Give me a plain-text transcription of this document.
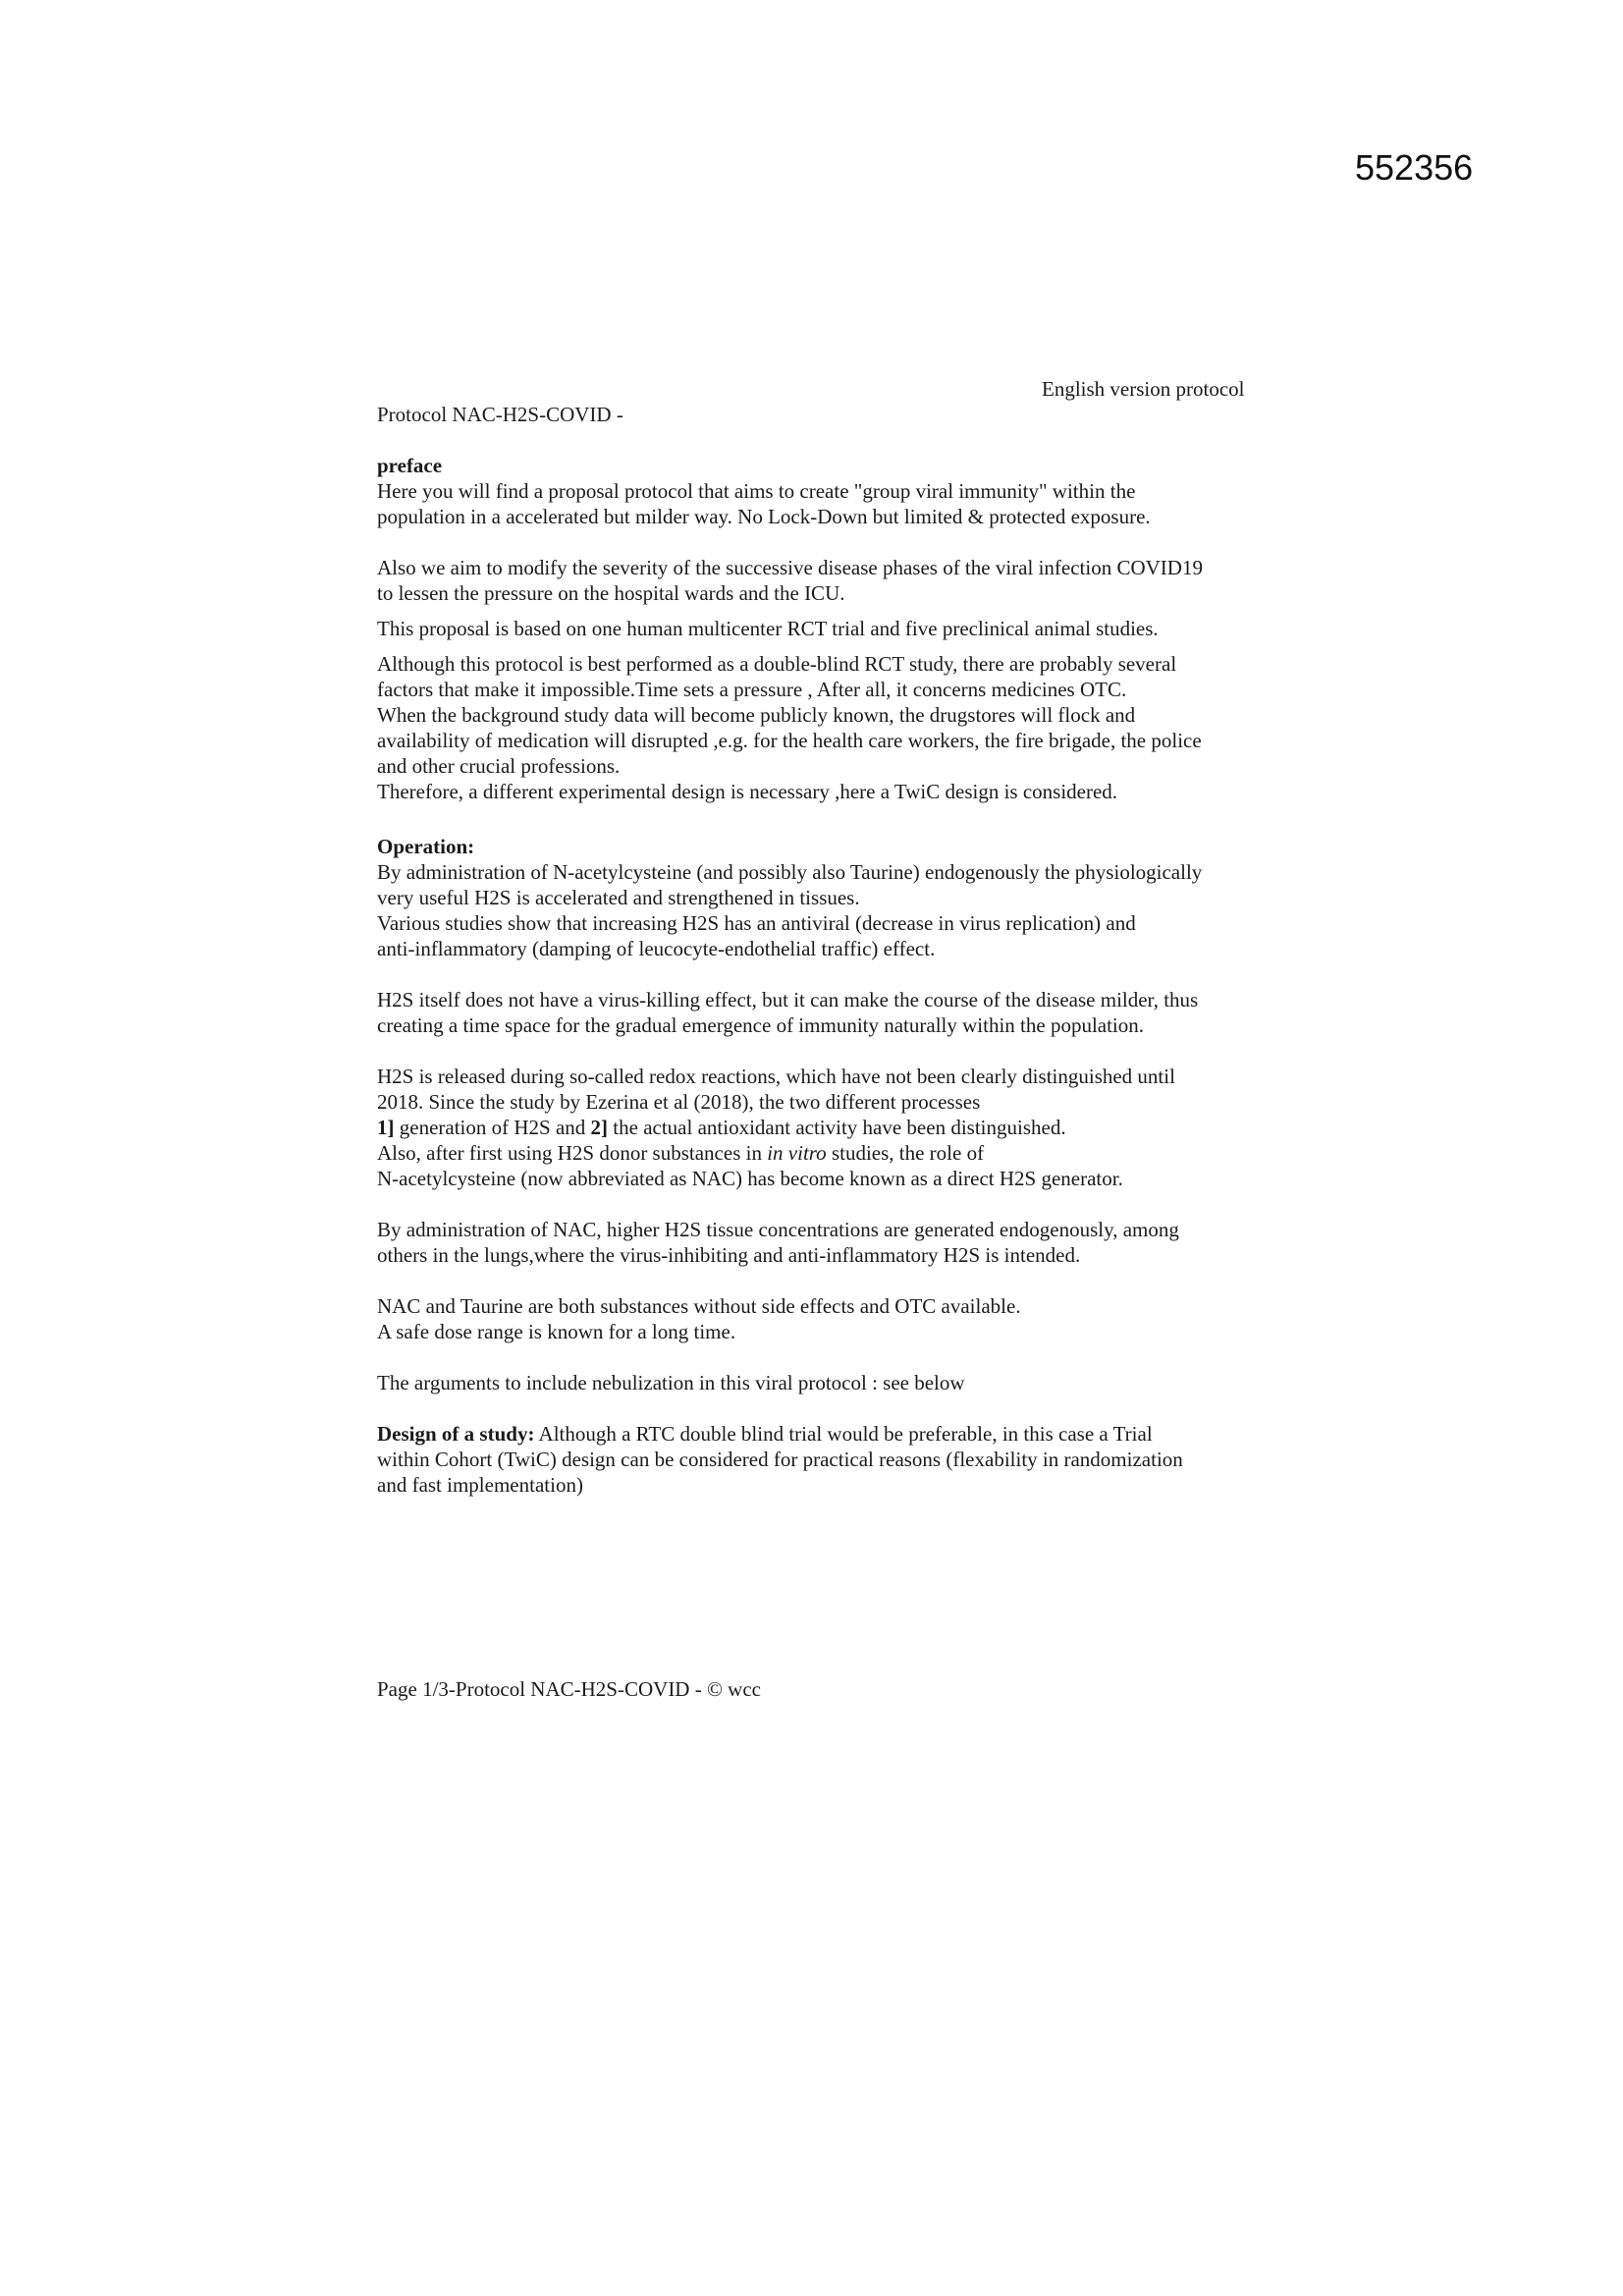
552356
English version protocol

Protocol NAC-H2S-COVID -

preface

Here you will find a proposal protocol that aims to create "group viral immunity" within the

population in a accelerated but milder way. No Lock-Down but limited & protected exposure.

Also we aim to modify the severity of the successive disease phases of the viral infection COVID19

to lessen the pressure on the hospital wards and the ICU.

This proposal is based on one human multicenter RCT trial and five preclinical animal studies.

Although this protocol is best performed as a double-blind RCT study, there are probably several

factors that make it impossible.Time sets a pressure , After all, it concerns medicines OTC.

When the background study data will become publicly known, the drugstores will flock and

availability of medication will disrupted ,e.g. for the health care workers, the fire brigade, the police

and other crucial professions.

Therefore, a different experimental design is necessary ,here a TwiC design is considered.

Operation:

By administration of N-acetylcysteine (and possibly also Taurine) endogenously the physiologically

very useful H2S is accelerated and strengthened in tissues.

Various studies show that increasing H2S has an antiviral (decrease in virus replication) and

anti-inflammatory (damping of leucocyte-endothelial traffic) effect.

H2S itself does not have a virus-killing effect, but it can make the course of the disease milder, thus

creating a time space for the gradual emergence of immunity naturally within the population.

H2S is released during so-called redox reactions, which have not been clearly distinguished until

2018. Since the study by Ezerina et al (2018), the two different processes

1] generation of H2S and 2] the actual antioxidant activity have been distinguished.

Also, after first using H2S donor substances in in vitro studies, the role of

N-acetylcysteine (now abbreviated as NAC) has become known as a direct H2S generator.

By administration of NAC, higher H2S tissue concentrations are generated endogenously, among

others in the lungs,where the virus-inhibiting and anti-inflammatory H2S is intended.

NAC and Taurine are both substances without side effects and OTC available.

A safe dose range is known for a long time.

The arguments to include nebulization in this viral protocol : see below

Design of a study: Although a RTC double blind trial would be preferable, in this case a Trial

within Cohort (TwiC) design can be considered for practical reasons (flexability in randomization

and fast implementation)

Page 1/3-Protocol NAC-H2S-COVID - © wcc
